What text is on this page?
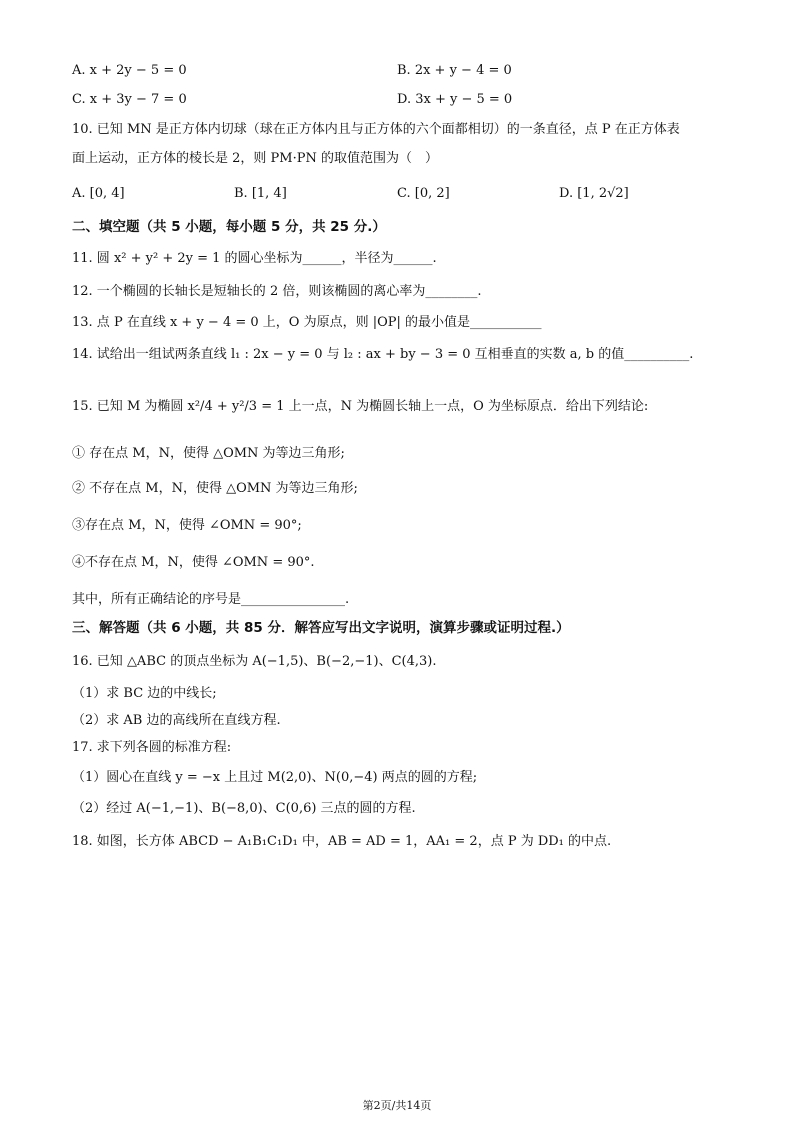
A. x + 2y − 5 = 0	B. 2x + y − 4 = 0
C. x + 3y − 7 = 0	D. 3x + y − 5 = 0
10. 已知 MN 是正方体内切球（球在正方体内且与正方体的六个面都相切）的一条直径，点 P 在正方体表
面上运动，正方体的棱长是 2，则 PM·PN 的取值范围为（　）
A. [0, 4]	B. [1, 4]	C. [0, 2]	D. [1, 2√2]
二、填空题（共 5 小题，每小题 5 分，共 25 分.）
11. 圆 x² + y² + 2y = 1 的圆心坐标为______，半径为______.
12. 一个椭圆的长轴长是短轴长的 2 倍，则该椭圆的离心率为________.
13. 点 P 在直线 x + y − 4 = 0 上，O 为原点，则 |OP| 的最小值是___________
14. 试给出一组试两条直线 l₁ : 2x − y = 0 与 l₂ : ax + by − 3 = 0 互相垂直的实数 a, b 的值__________.
15. 已知 M 为椭圆 x²/4 + y²/3 = 1 上一点，N 为椭圆长轴上一点，O 为坐标原点．给出下列结论:
① 存在点 M，N，使得 △OMN 为等边三角形;
② 不存在点 M，N，使得 △OMN 为等边三角形;
③存在点 M，N，使得 ∠OMN = 90°;
④不存在点 M，N，使得 ∠OMN = 90°.
其中，所有正确结论的序号是________________.
三、解答题（共 6 小题，共 85 分．解答应写出文字说明，演算步骤或证明过程.）
16. 已知 △ABC 的顶点坐标为 A(−1,5)、B(−2,−1)、C(4,3).
（1）求 BC 边的中线长;
（2）求 AB 边的高线所在直线方程.
17. 求下列各圆的标准方程:
（1）圆心在直线 y = −x 上且过 M(2,0)、N(0,−4) 两点的圆的方程;
（2）经过 A(−1,−1)、B(−8,0)、C(0,6) 三点的圆的方程.
18. 如图，长方体 ABCD − A₁B₁C₁D₁ 中，AB = AD = 1，AA₁ = 2，点 P 为 DD₁ 的中点.
第2页/共14页
